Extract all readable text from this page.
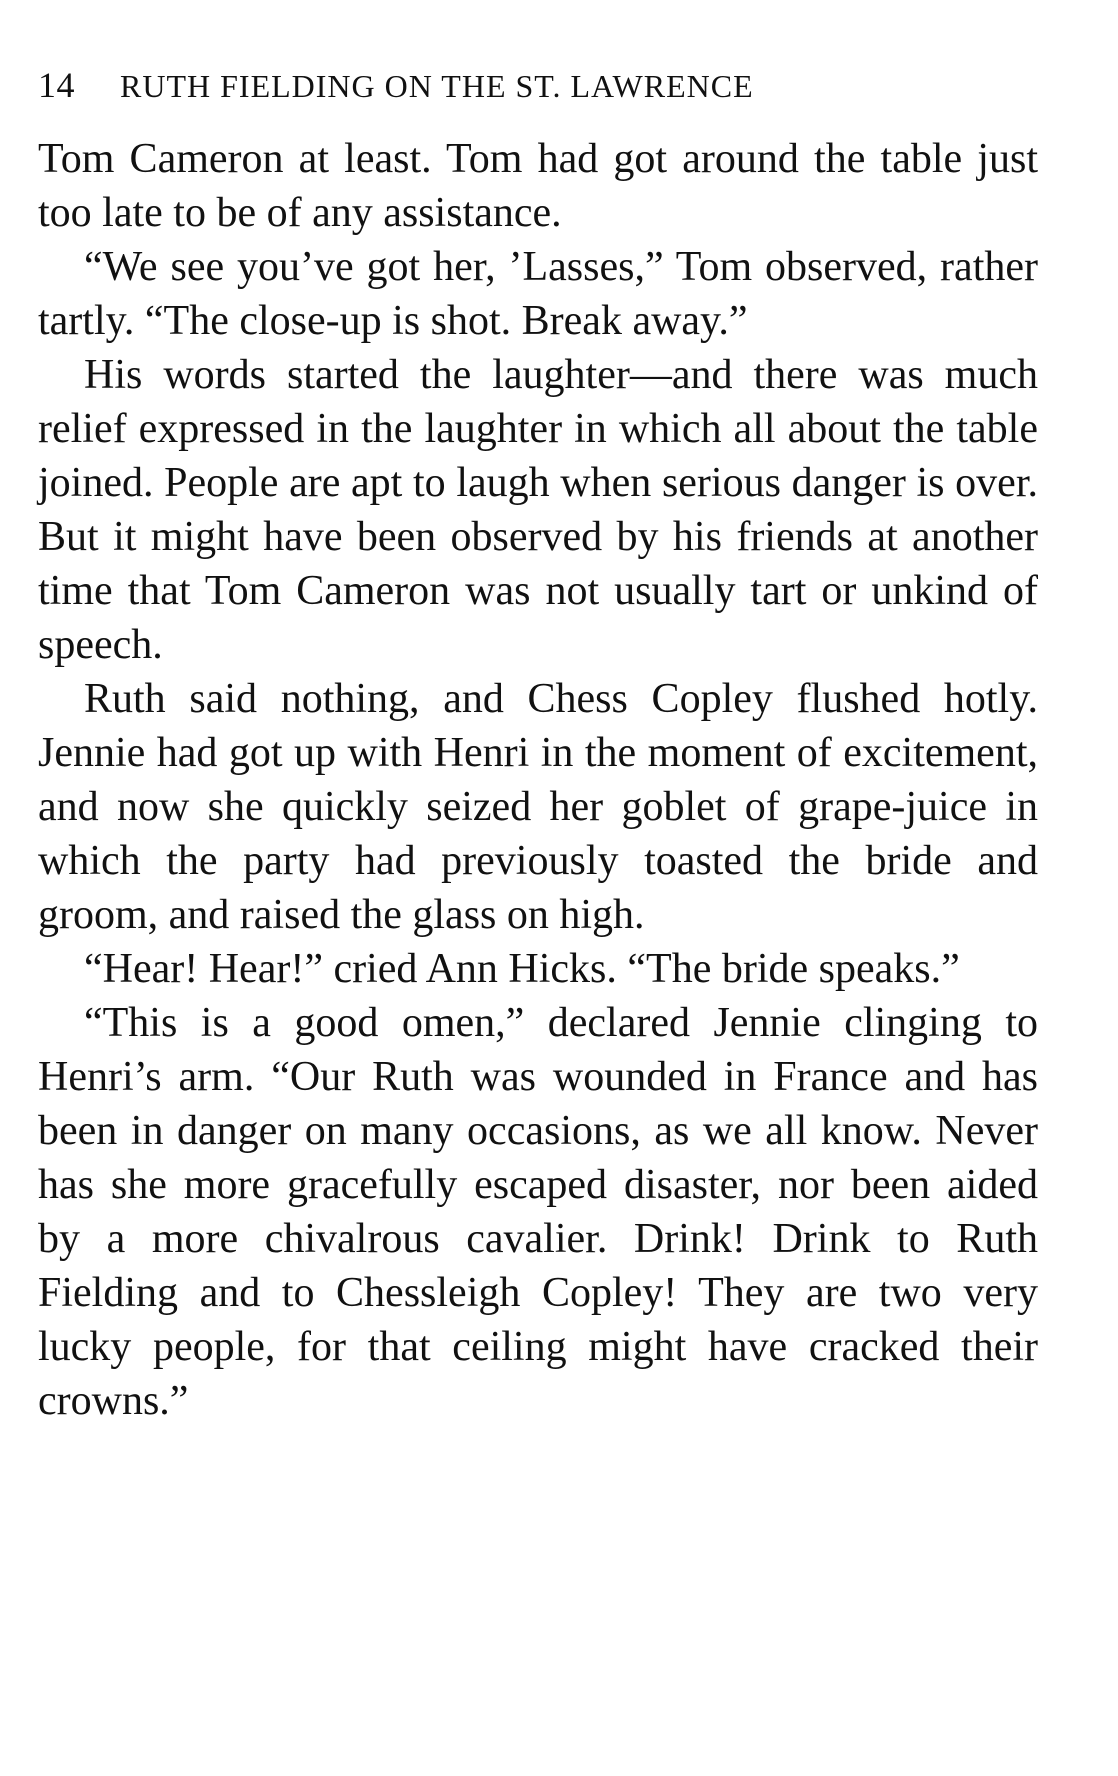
14	RUTH FIELDING ON THE ST. LAWRENCE

Tom Cameron at least. Tom had got around the table just too late to be of any assistance.

“We see you’ve got her, ’Lasses,” Tom observed, rather tartly. “The close-up is shot. Break away.”

His words started the laughter—and there was much relief expressed in the laughter in which all about the table joined. People are apt to laugh when serious danger is over. But it might have been observed by his friends at another time that Tom Cameron was not usually tart or unkind of speech.

Ruth said nothing, and Chess Copley flushed hotly. Jennie had got up with Henri in the moment of excitement, and now she quickly seized her goblet of grape-juice in which the party had previously toasted the bride and groom, and raised the glass on high.

“Hear! Hear!” cried Ann Hicks. “The bride speaks.”

“This is a good omen,” declared Jennie clinging to Henri’s arm. “Our Ruth was wounded in France and has been in danger on many occasions, as we all know. Never has she more gracefully escaped disaster, nor been aided by a more chivalrous cavalier. Drink! Drink to Ruth Fielding and to Chessleigh Copley! They are two very lucky people, for that ceiling might have cracked their crowns.”
